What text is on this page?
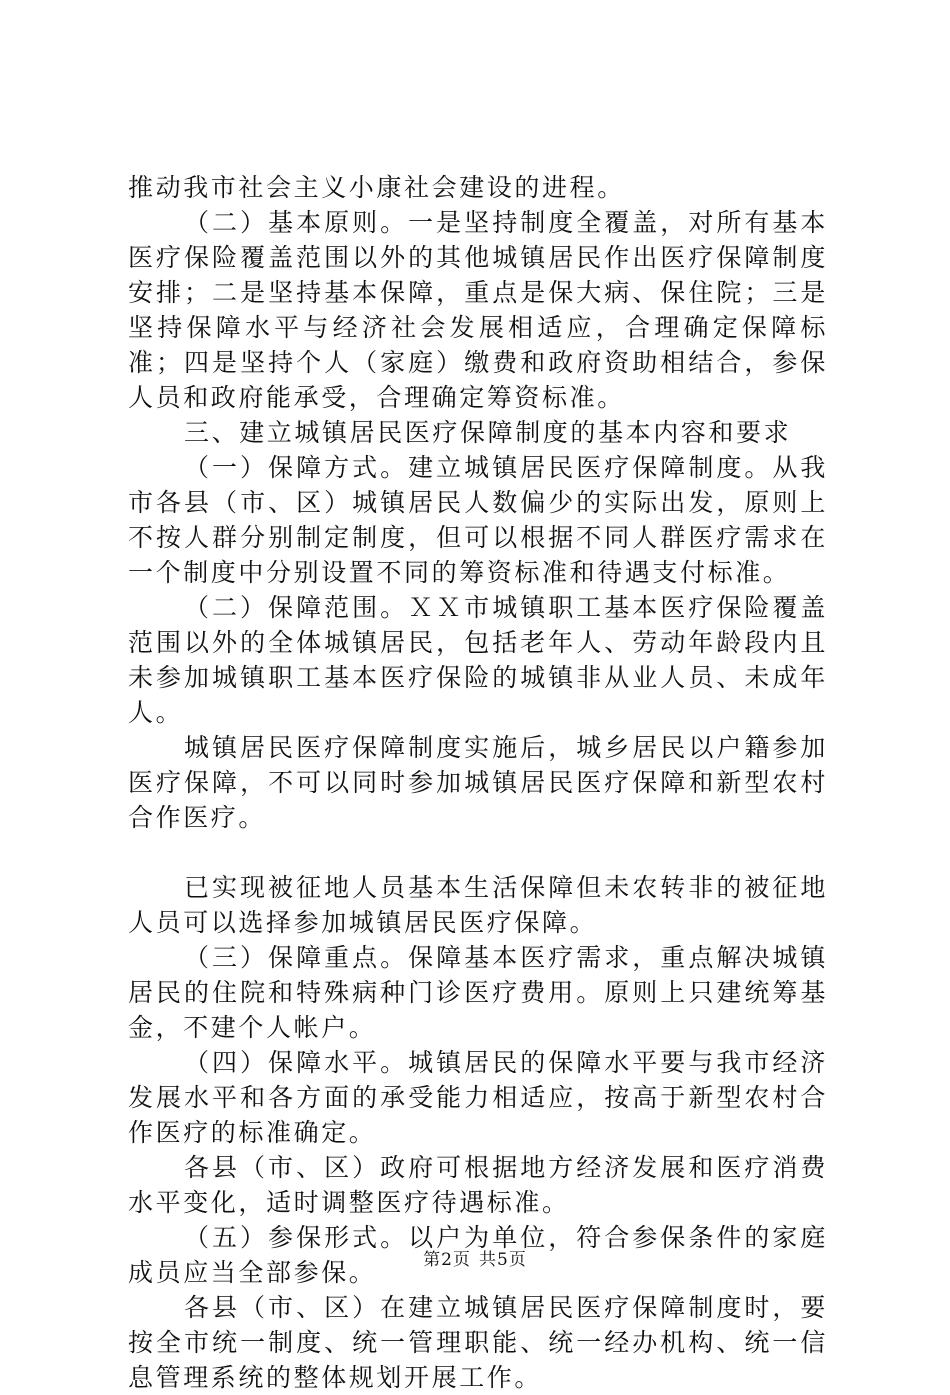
推动我市社会主义小康社会建设的进程。

（二）基本原则。一是坚持制度全覆盖，对所有基本医疗保险覆盖范围以外的其他城镇居民作出医疗保障制度安排；二是坚持基本保障，重点是保大病、保住院；三是坚持保障水平与经济社会发展相适应，合理确定保障标准；四是坚持个人（家庭）缴费和政府资助相结合，参保人员和政府能承受，合理确定筹资标准。

三、建立城镇居民医疗保障制度的基本内容和要求

（一）保障方式。建立城镇居民医疗保障制度。从我市各县（市、区）城镇居民人数偏少的实际出发，原则上不按人群分别制定制度，但可以根据不同人群医疗需求在一个制度中分别设置不同的筹资标准和待遇支付标准。

（二）保障范围。ＸＸ市城镇职工基本医疗保险覆盖范围以外的全体城镇居民，包括老年人、劳动年龄段内且未参加城镇职工基本医疗保险的城镇非从业人员、未成年人。

城镇居民医疗保障制度实施后，城乡居民以户籍参加医疗保障，不可以同时参加城镇居民医疗保障和新型农村合作医疗。

已实现被征地人员基本生活保障但未农转非的被征地人员可以选择参加城镇居民医疗保障。

（三）保障重点。保障基本医疗需求，重点解决城镇居民的住院和特殊病种门诊医疗费用。原则上只建统筹基金，不建个人帐户。

（四）保障水平。城镇居民的保障水平要与我市经济发展水平和各方面的承受能力相适应，按高于新型农村合作医疗的标准确定。

各县（市、区）政府可根据地方经济发展和医疗消费水平变化，适时调整医疗待遇标准。

（五）参保形式。以户为单位，符合参保条件的家庭成员应当全部参保。

各县（市、区）在建立城镇居民医疗保障制度时，要按全市统一制度、统一管理职能、统一经办机构、统一信息管理系统的整体规划开展工作。

第2页 共5页
